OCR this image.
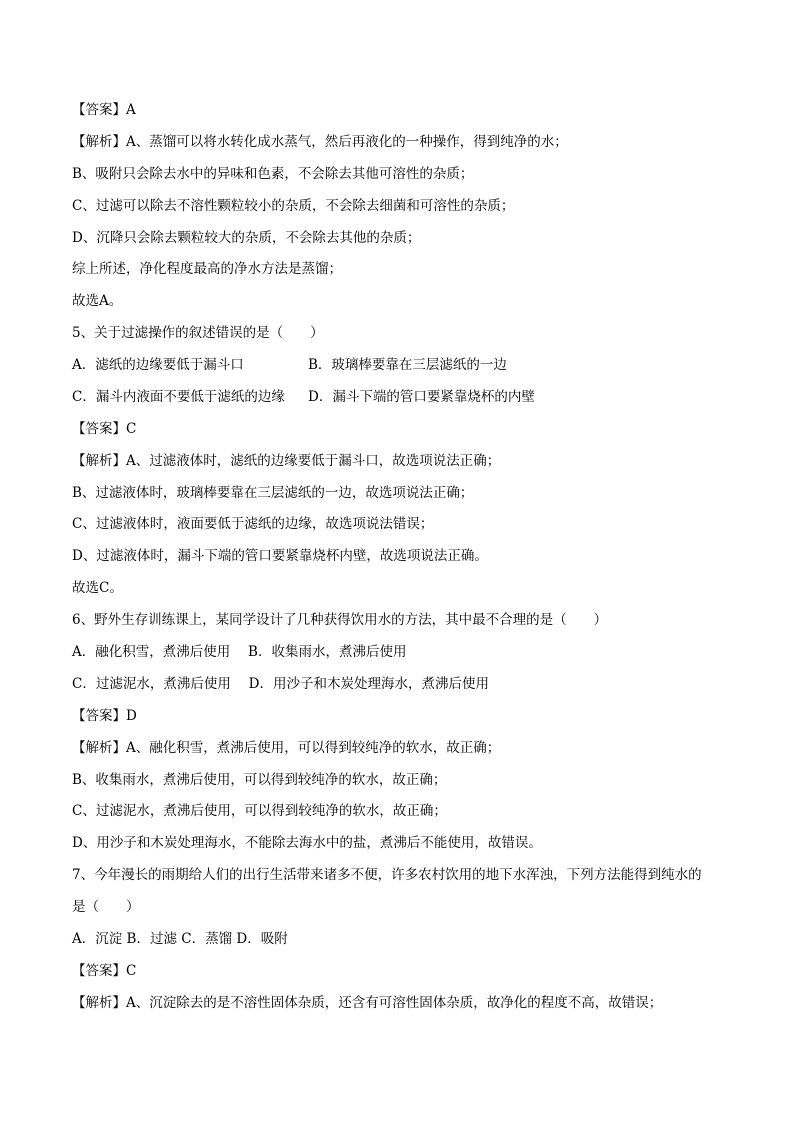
【答案】A
【解析】A、蒸馏可以将水转化成水蒸气，然后再液化的一种操作，得到纯净的水；
B、吸附只会除去水中的异味和色素，不会除去其他可溶性的杂质；
C、过滤可以除去不溶性颗粒较小的杂质，不会除去细菌和可溶性的杂质；
D、沉降只会除去颗粒较大的杂质，不会除去其他的杂质；
综上所述，净化程度最高的净水方法是蒸馏；
故选A。
5、关于过滤操作的叙述错误的是（　　）
A．滤纸的边缘要低于漏斗口	B．玻璃棒要靠在三层滤纸的一边
C．漏斗内液面不要低于滤纸的边缘 D．漏斗下端的管口要紧靠烧杯的内壁
【答案】C
【解析】A、过滤液体时，滤纸的边缘要低于漏斗口，故选项说法正确；
B、过滤液体时，玻璃棒要靠在三层滤纸的一边，故选项说法正确；
C、过滤液体时，液面要低于滤纸的边缘，故选项说法错误；
D、过滤液体时，漏斗下端的管口要紧靠烧杯内壁，故选项说法正确。
故选C。
6、野外生存训练课上，某同学设计了几种获得饮用水的方法，其中最不合理的是（　　）
A．融化积雪，煮沸后使用　 B．收集雨水，煮沸后使用
C．过滤泥水，煮沸后使用　 D．用沙子和木炭处理海水，煮沸后使用
【答案】D
【解析】A、融化积雪，煮沸后使用，可以得到较纯净的软水，故正确；
B、收集雨水，煮沸后使用，可以得到较纯净的软水，故正确；
C、过滤泥水，煮沸后使用，可以得到较纯净的软水，故正确；
D、用沙子和木炭处理海水，不能除去海水中的盐，煮沸后不能使用，故错误。
7、今年漫长的雨期给人们的出行生活带来诸多不便，许多农村饮用的地下水浑浊，下列方法能得到纯水的
是（　　）
A．沉淀 B．过滤 C．蒸馏 D．吸附
【答案】C
【解析】A、沉淀除去的是不溶性固体杂质，还含有可溶性固体杂质，故净化的程度不高，故错误；
